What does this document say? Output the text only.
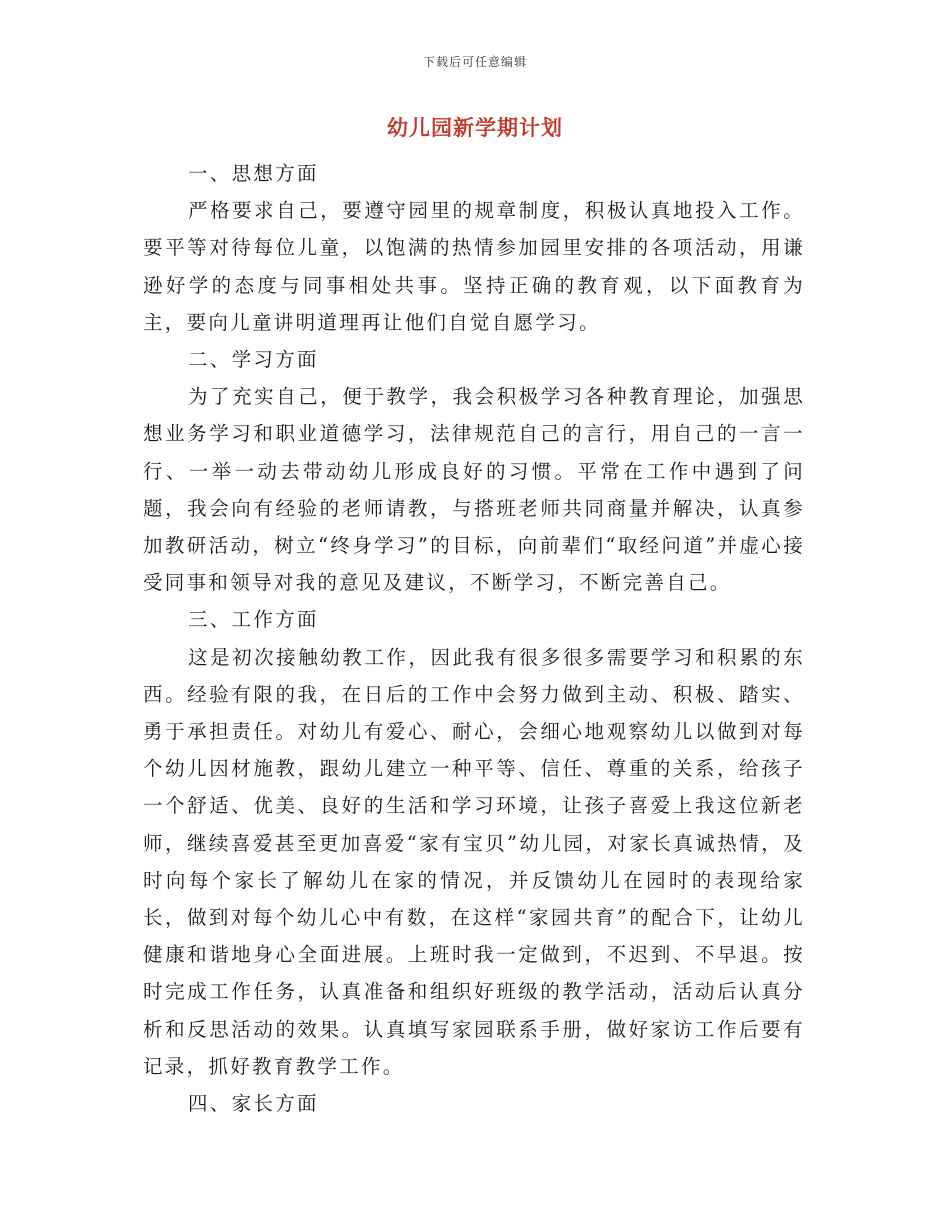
下载后可任意编辑
幼儿园新学期计划

一、思想方面

严格要求自己，要遵守园里的规章制度，积极认真地投入工作。要平等对待每位儿童，以饱满的热情参加园里安排的各项活动，用谦逊好学的态度与同事相处共事。坚持正确的教育观，以下面教育为主，要向儿童讲明道理再让他们自觉自愿学习。

二、学习方面

为了充实自己，便于教学，我会积极学习各种教育理论，加强思想业务学习和职业道德学习，法律规范自己的言行，用自己的一言一行、一举一动去带动幼儿形成良好的习惯。平常在工作中遇到了问题，我会向有经验的老师请教，与搭班老师共同商量并解决，认真参加教研活动，树立“终身学习”的目标，向前辈们“取经问道”并虚心接受同事和领导对我的意见及建议，不断学习，不断完善自己。

三、工作方面

这是初次接触幼教工作，因此我有很多很多需要学习和积累的东西。经验有限的我，在日后的工作中会努力做到主动、积极、踏实、勇于承担责任。对幼儿有爱心、耐心，会细心地观察幼儿以做到对每个幼儿因材施教，跟幼儿建立一种平等、信任、尊重的关系，给孩子一个舒适、优美、良好的生活和学习环境，让孩子喜爱上我这位新老师，继续喜爱甚至更加喜爱“家有宝贝”幼儿园，对家长真诚热情，及时向每个家长了解幼儿在家的情况，并反馈幼儿在园时的表现给家长，做到对每个幼儿心中有数，在这样“家园共育”的配合下，让幼儿健康和谐地身心全面进展。上班时我一定做到，不迟到、不早退。按时完成工作任务，认真准备和组织好班级的教学活动，活动后认真分析和反思活动的效果。认真填写家园联系手册，做好家访工作后要有记录，抓好教育教学工作。

四、家长方面
